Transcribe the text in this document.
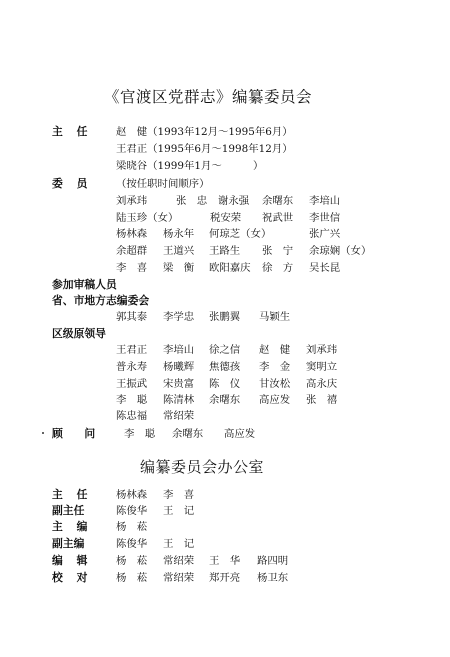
《官渡区党群志》编纂委员会
主　任	赵　健（1993年12月～1995年6月）
王君正（1995年6月～1998年12月）
梁晓谷（1999年1月～　　　）
委　员	（按任职时间顺序）
刘承玮	张　忠 谢永强 余曙东 李培山
陆玉珍（女）	税安荣 祝武世 李世信
杨林森 杨永年 何琼芝（女）	张广兴
余超群 王道兴 王路生 张　宁 余琼娴（女）
李　喜 梁　衡 欧阳嘉庆 徐　方 吴长昆
参加审稿人员
省、市地方志编委会
郭其泰 李学忠 张鹏翼 马颖生
区级原领导
王君正 李培山 徐之信 赵　健 刘承玮
普永寿 杨曦辉 焦德孩 李　金 窦明立
王振武 宋贵富 陈　仪 甘汝松 高永庆
李　聪 陈清林 余曙东 高应发 张　禧
陈忠福 常绍荣
顾　　问	李　聪 余曙东 高应发
编纂委员会办公室
主　任	杨林森 李　喜
副主任	陈俊华 王　记
主　编	杨　菘
副主编	陈俊华 王　记
编　辑	杨　菘 常绍荣 王　华 路四明
校　对	杨　菘 常绍荣 郑开亮 杨卫东
